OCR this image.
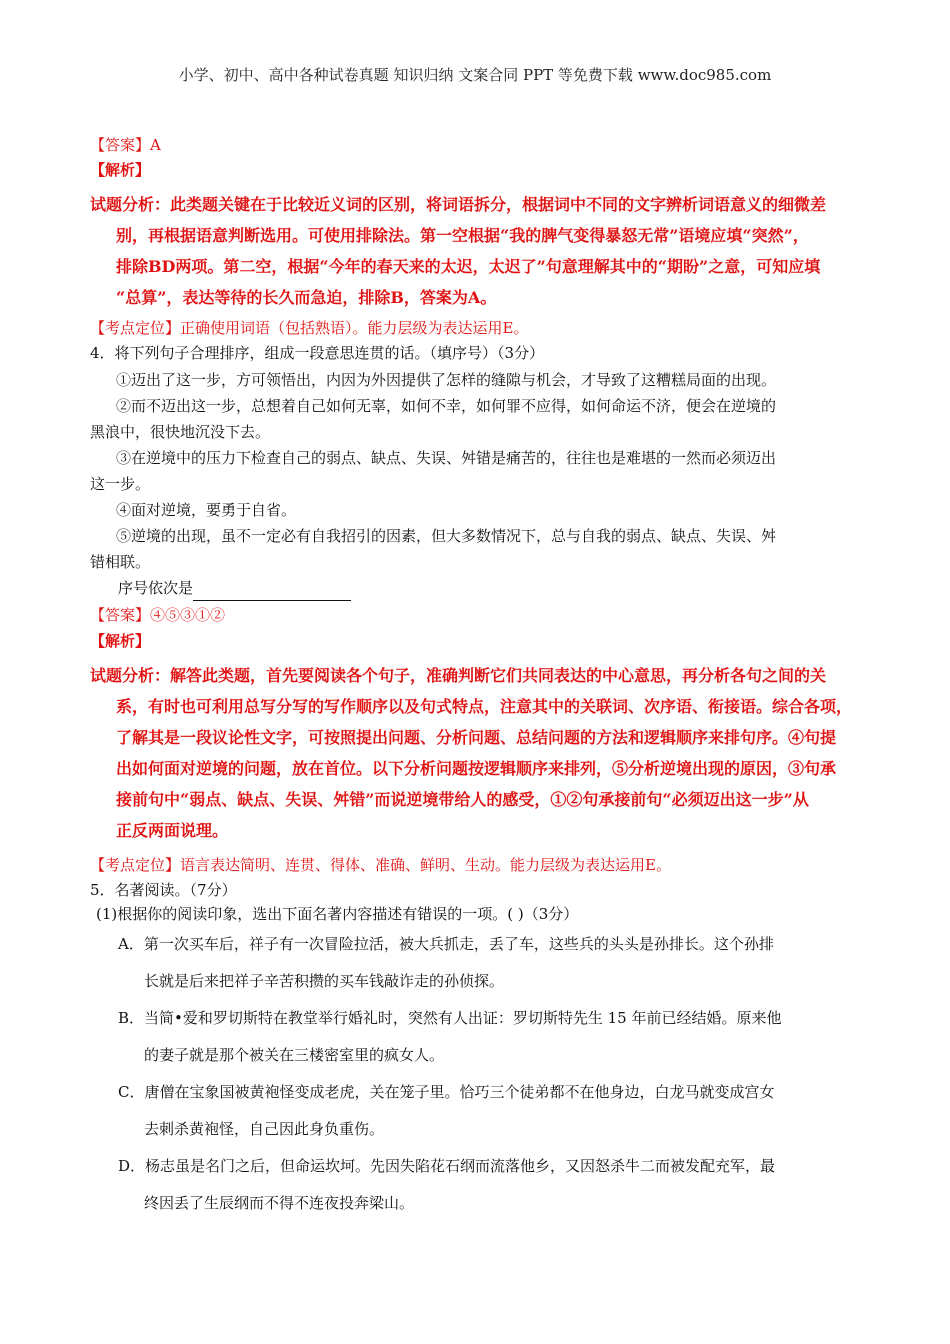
小学、初中、高中各种试卷真题 知识归纳 文案合同 PPT 等免费下载 www.doc985.com
【答案】A
【解析】
试题分析：此类题关键在于比较近义词的区别，将词语拆分，根据词中不同的文字辨析词语意义的细微差
别，再根据语意判断选用。可使用排除法。第一空根据“我的脾气变得暴怒无常”语境应填“突然”，
排除BD两项。第二空，根据“今年的春天来的太迟，太迟了”句意理解其中的“期盼”之意，可知应填
“总算”，表达等待的长久而急迫，排除B，答案为A。
【考点定位】正确使用词语（包括熟语）。能力层级为表达运用E。
4．将下列句子合理排序，组成一段意思连贯的话。（填序号）（3分）
①迈出了这一步，方可领悟出，内因为外因提供了怎样的缝隙与机会，才导致了这糟糕局面的出现。
②而不迈出这一步，总想着自己如何无辜，如何不幸，如何罪不应得，如何命运不济，便会在逆境的
黑浪中，很快地沉没下去。
③在逆境中的压力下检查自己的弱点、缺点、失误、舛错是痛苦的，往往也是难堪的一然而必须迈出
这一步。
④面对逆境，要勇于自省。
⑤逆境的出现，虽不一定必有自我招引的因素，但大多数情况下，总与自我的弱点、缺点、失误、舛
错相联。
序号依次是
【答案】④⑤③①②
【解析】
试题分析：解答此类题，首先要阅读各个句子，准确判断它们共同表达的中心意思，再分析各句之间的关
系，有时也可利用总写分写的写作顺序以及句式特点，注意其中的关联词、次序语、衔接语。综合各项，
了解其是一段议论性文字，可按照提出问题、分析问题、总结问题的方法和逻辑顺序来排句序。④句提
出如何面对逆境的问题，放在首位。以下分析问题按逻辑顺序来排列，⑤分析逆境出现的原因，③句承
接前句中“弱点、缺点、失误、舛错”而说逆境带给人的感受，①②句承接前句“必须迈出这一步”从
正反两面说理。
【考点定位】语言表达简明、连贯、得体、准确、鲜明、生动。能力层级为表达运用E。
5．名著阅读。（7分）
(1)根据你的阅读印象，选出下面名著内容描述有错误的一项。( )（3分）
A．第一次买车后，祥子有一次冒险拉活，被大兵抓走，丢了车，这些兵的头头是孙排长。这个孙排
长就是后来把祥子辛苦积攒的买车钱敲诈走的孙侦探。
B．当简•爱和罗切斯特在教堂举行婚礼时，突然有人出证：罗切斯特先生 15 年前已经结婚。原来他
的妻子就是那个被关在三楼密室里的疯女人。
C．唐僧在宝象国被黄袍怪变成老虎，关在笼子里。恰巧三个徒弟都不在他身边，白龙马就变成宫女
去刺杀黄袍怪，自己因此身负重伤。
D．杨志虽是名门之后，但命运坎坷。先因失陷花石纲而流落他乡，又因怒杀牛二而被发配充军，最
终因丢了生辰纲而不得不连夜投奔梁山。
